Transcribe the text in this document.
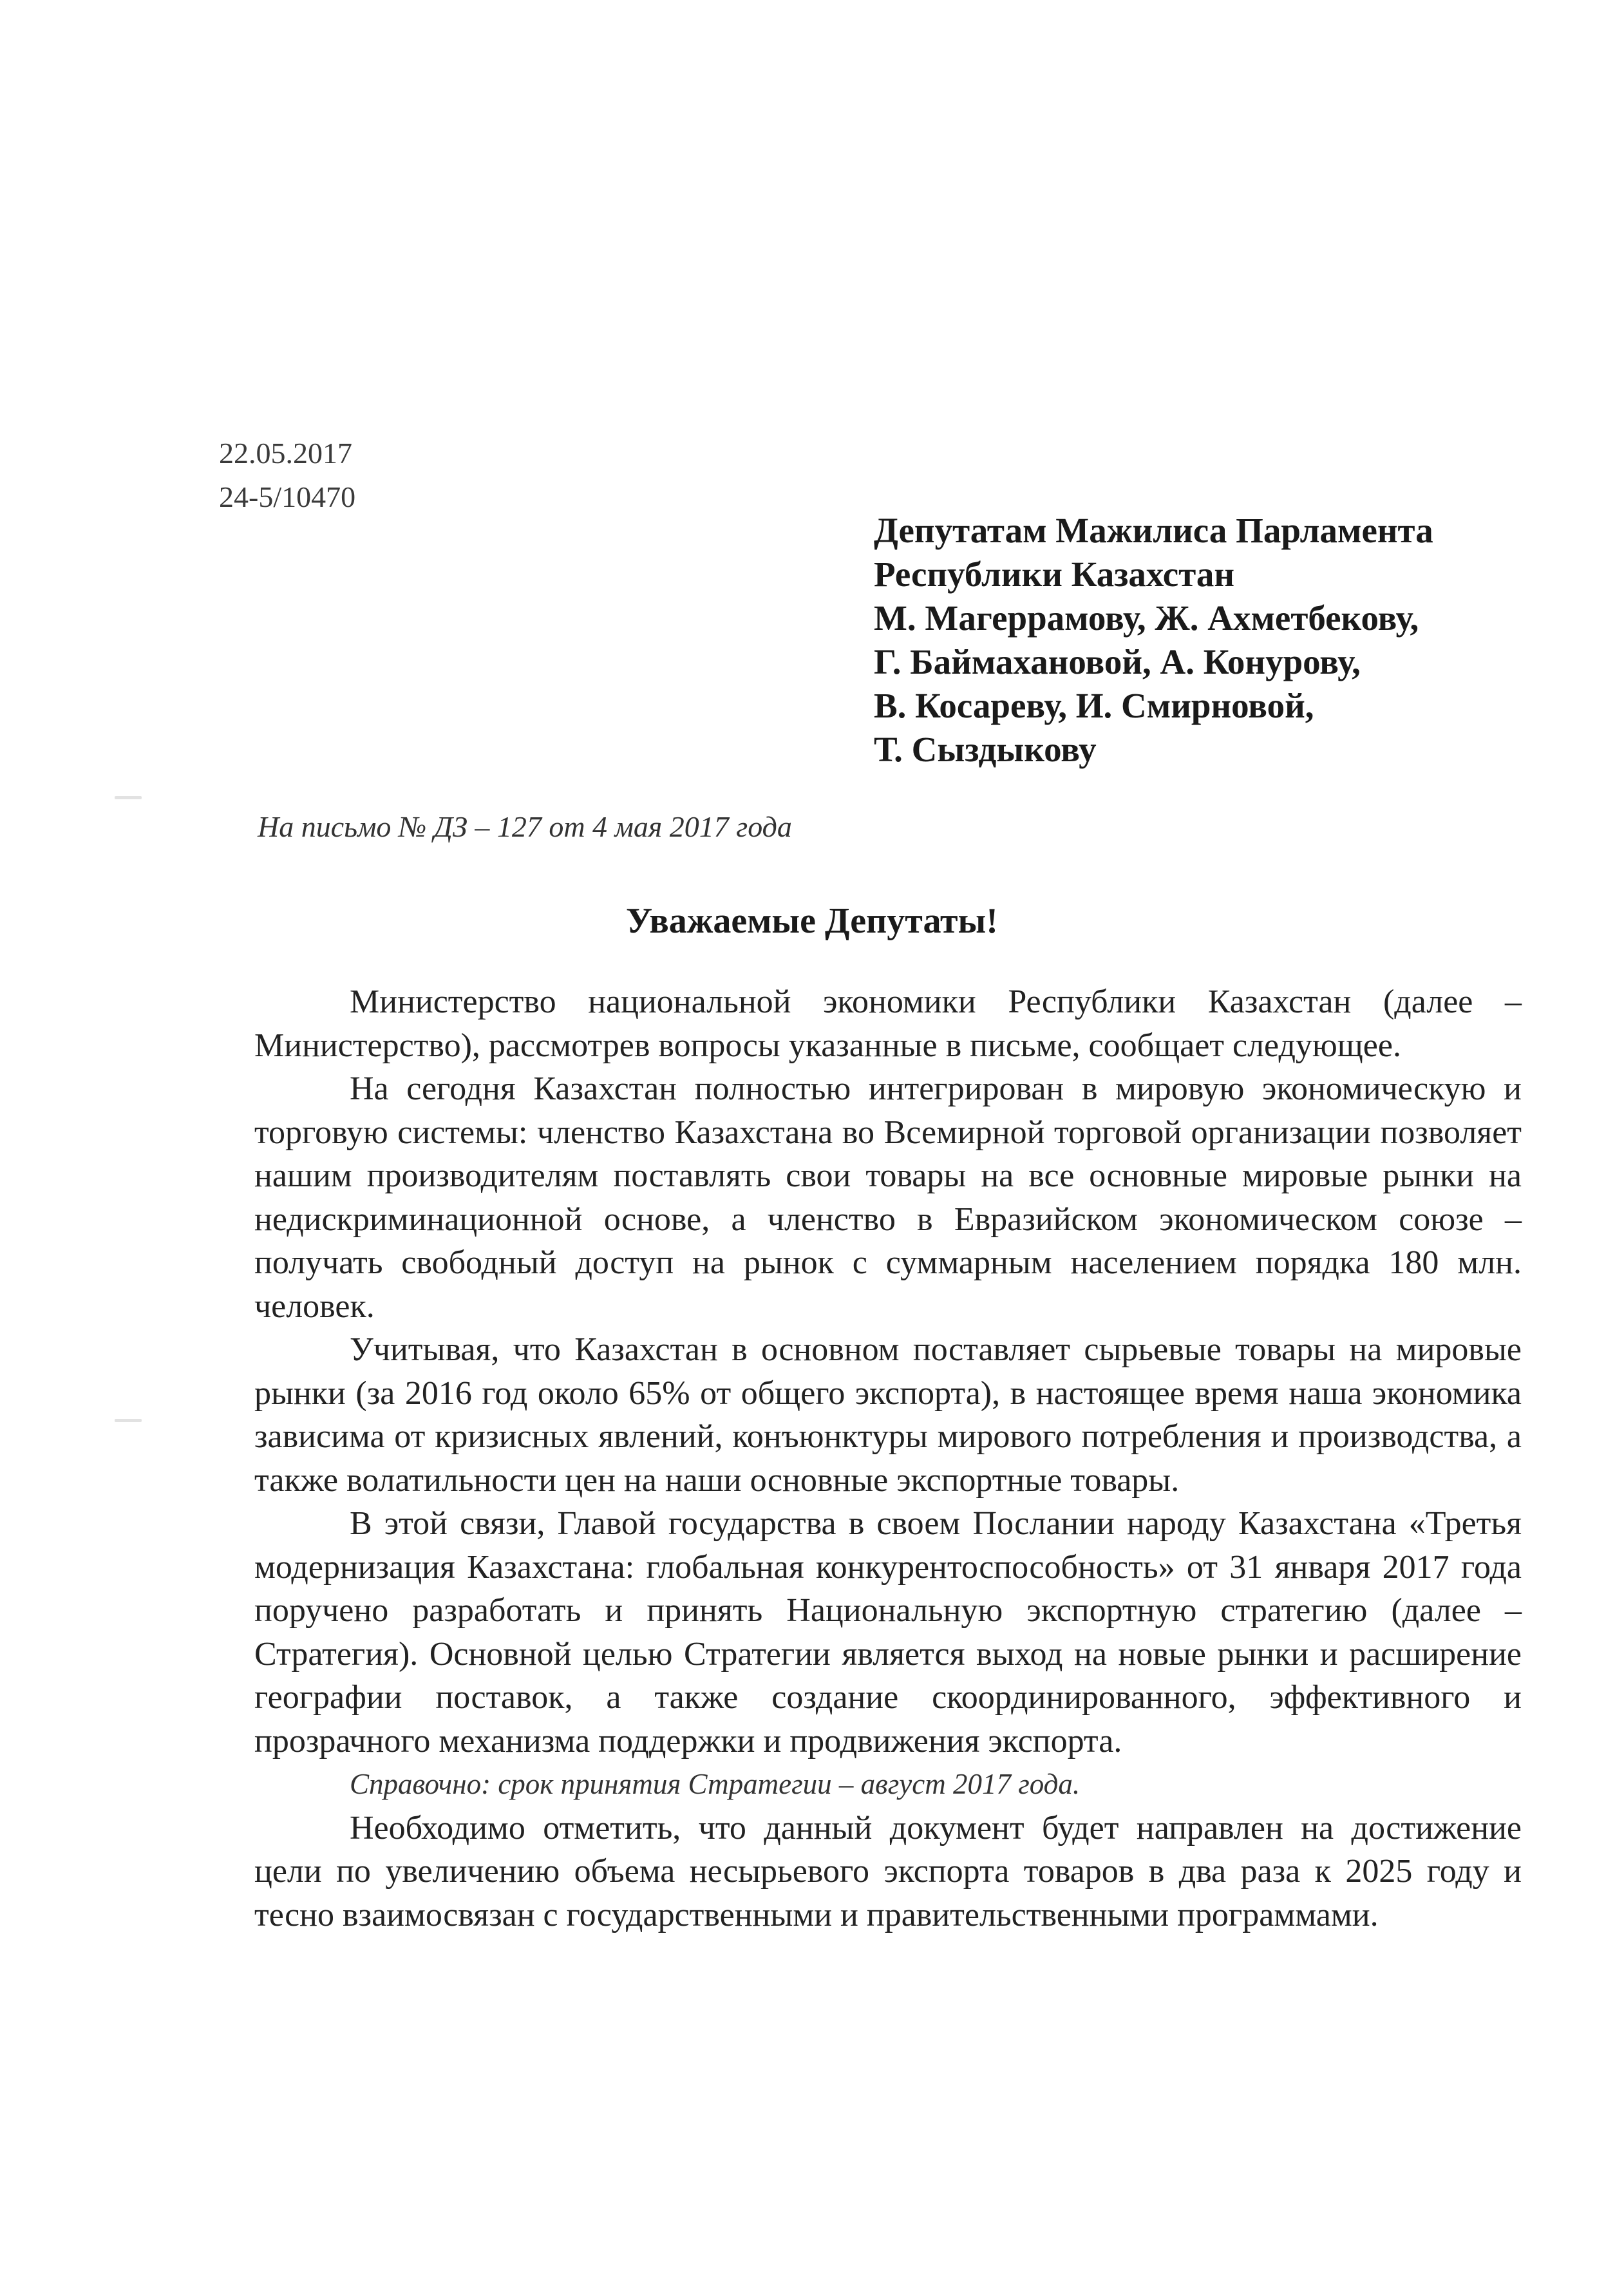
22.05.2017
24-5/10470
Депутатам Мажилиса Парламента
Республики Казахстан
М. Магеррамову, Ж. Ахметбекову,
Г. Баймахановой, А. Конурову,
В. Косареву, И. Смирновой,
Т. Сыздыкову
На письмо № ДЗ – 127 от 4 мая 2017 года
Уважаемые Депутаты!

Министерство национальной экономики Республики Казахстан (далее – Министерство), рассмотрев вопросы указанные в письме, сообщает следующее.

На сегодня Казахстан полностью интегрирован в мировую экономическую и торговую системы: членство Казахстана во Всемирной торговой организации позволяет нашим производителям поставлять свои товары на все основные мировые рынки на недискриминационной основе, а членство в Евразийском экономическом союзе – получать свободный доступ на рынок с суммарным населением порядка 180 млн. человек.

Учитывая, что Казахстан в основном поставляет сырьевые товары на мировые рынки (за 2016 год около 65% от общего экспорта), в настоящее время наша экономика зависима от кризисных явлений, конъюнктуры мирового потребления и производства, а также волатильности цен на наши основные экспортные товары.

В этой связи, Главой государства в своем Послании народу Казахстана «Третья модернизация Казахстана: глобальная конкурентоспособность» от 31 января 2017 года поручено разработать и принять Национальную экспортную стратегию (далее – Стратегия). Основной целью Стратегии является выход на новые рынки и расширение географии поставок, а также создание скоординированного, эффективного и прозрачного механизма поддержки и продвижения экспорта.

Справочно: срок принятия Стратегии – август 2017 года.

Необходимо отметить, что данный документ будет направлен на достижение цели по увеличению объема несырьевого экспорта товаров в два раза к 2025 году и тесно взаимосвязан с государственными и правительственными программами.
